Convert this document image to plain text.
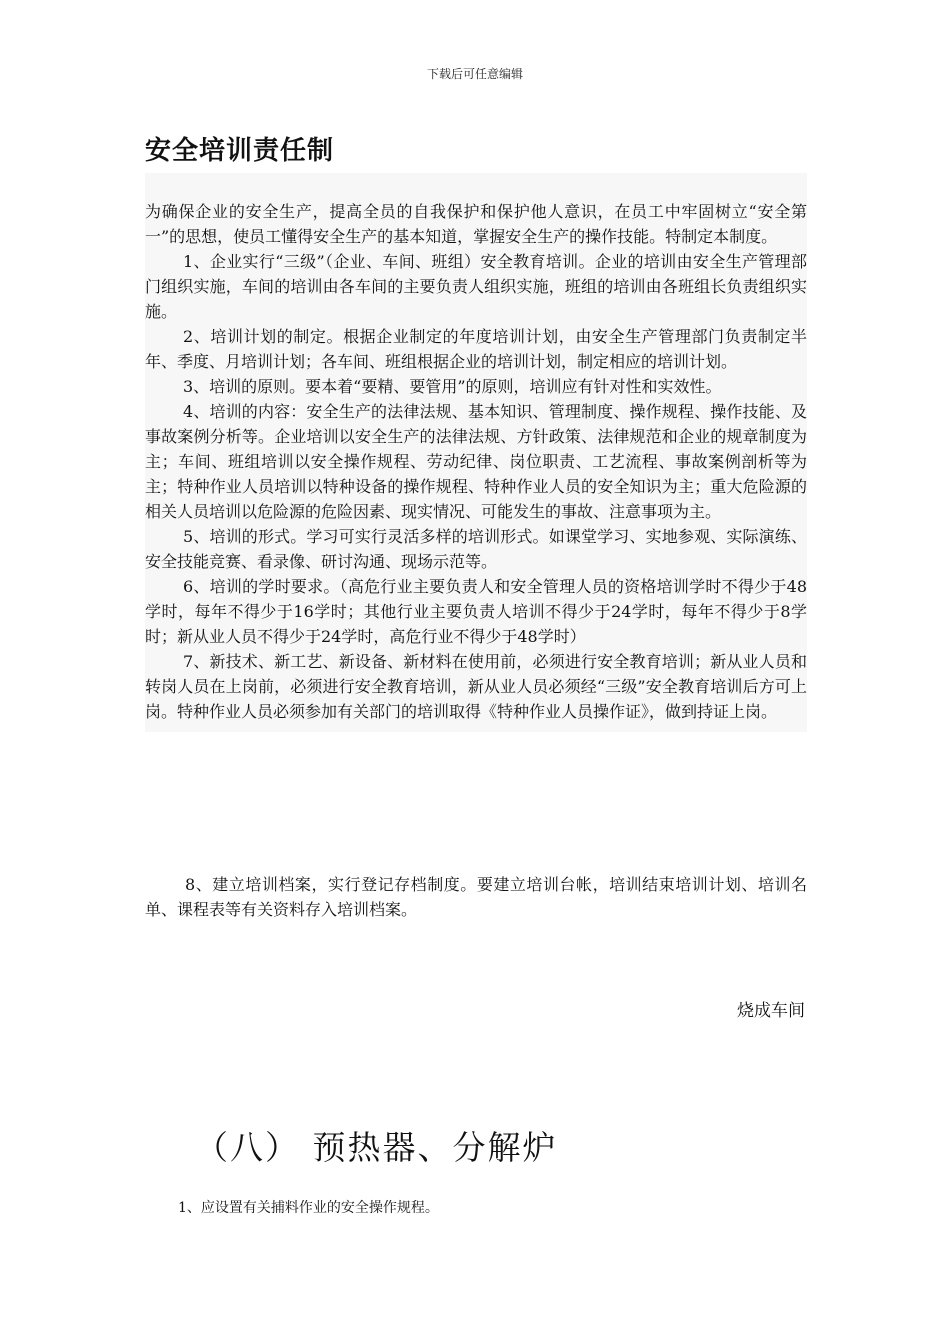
下载后可任意编辑
安全培训责任制

为确保企业的安全生产，提高全员的自我保护和保护他人意识，在员工中牢固树立“安全第一”的思想，使员工懂得安全生产的基本知道，掌握安全生产的操作技能。特制定本制度。

1、企业实行“三级”（企业、车间、班组）安全教育培训。企业的培训由安全生产管理部门组织实施，车间的培训由各车间的主要负责人组织实施，班组的培训由各班组长负责组织实施。

2、培训计划的制定。根据企业制定的年度培训计划，由安全生产管理部门负责制定半年、季度、月培训计划；各车间、班组根据企业的培训计划，制定相应的培训计划。

3、培训的原则。要本着“要精、要管用”的原则，培训应有针对性和实效性。

4、培训的内容：安全生产的法律法规、基本知识、管理制度、操作规程、操作技能、及事故案例分析等。企业培训以安全生产的法律法规、方针政策、法律规范和企业的规章制度为主；车间、班组培训以安全操作规程、劳动纪律、岗位职责、工艺流程、事故案例剖析等为主；特种作业人员培训以特种设备的操作规程、特种作业人员的安全知识为主；重大危险源的相关人员培训以危险源的危险因素、现实情况、可能发生的事故、注意事项为主。

5、培训的形式。学习可实行灵活多样的培训形式。如课堂学习、实地参观、实际演练、安全技能竞赛、看录像、研讨沟通、现场示范等。

6、培训的学时要求。（高危行业主要负责人和安全管理人员的资格培训学时不得少于48学时，每年不得少于16学时；其他行业主要负责人培训不得少于24学时，每年不得少于8学时；新从业人员不得少于24学时，高危行业不得少于48学时）

7、新技术、新工艺、新设备、新材料在使用前，必须进行安全教育培训；新从业人员和转岗人员在上岗前，必须进行安全教育培训，新从业人员必须经“三级”安全教育培训后方可上岗。特种作业人员必须参加有关部门的培训取得《特种作业人员操作证》，做到持证上岗。

8、建立培训档案，实行登记存档制度。要建立培训台帐，培训结束培训计划、培训名单、课程表等有关资料存入培训档案。

烧成车间

（八） 预热器、分解炉

1、应设置有关捕料作业的安全操作规程。
